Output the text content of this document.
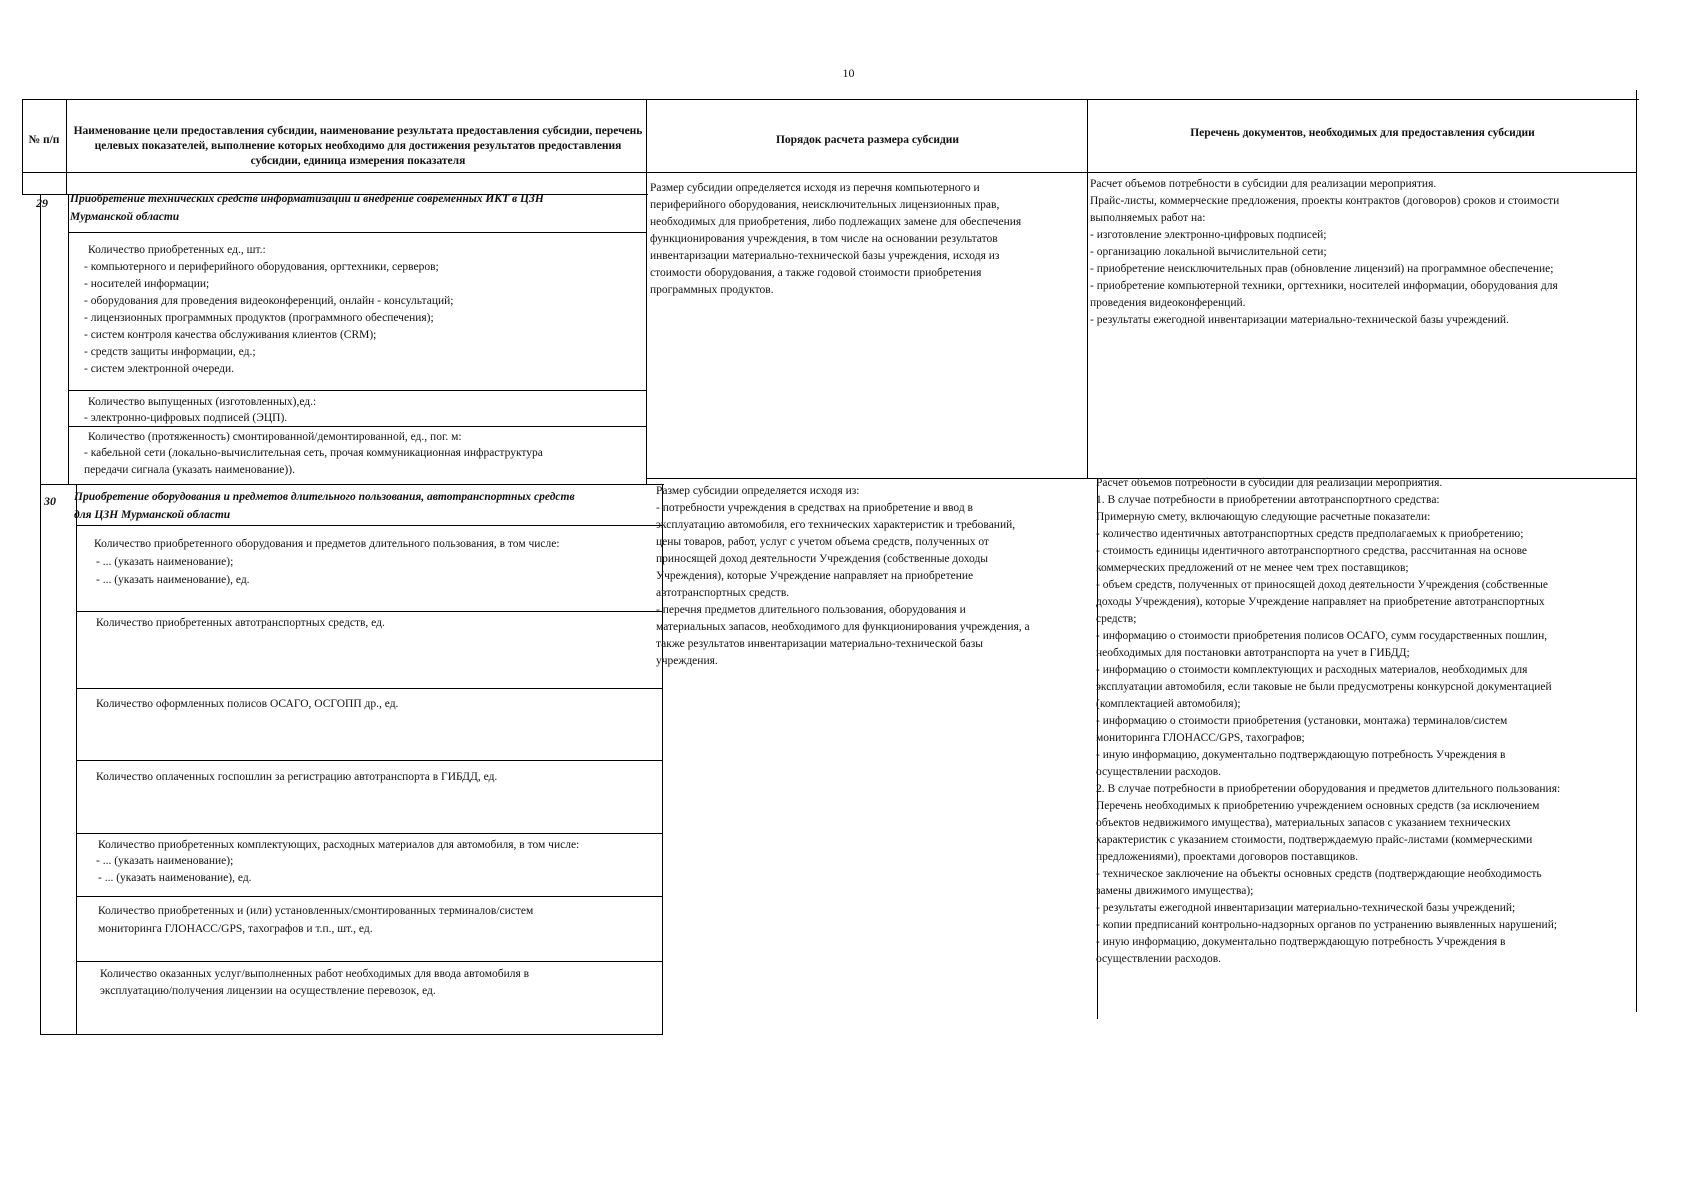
10
№ п/п
Наименование цели предоставления субсидии, наименование результата предоставления субсидии, перечень целевых показателей, выполнение которых необходимо для достижения результатов предоставления субсидии, единица измерения показателя
Порядок расчета размера субсидии
Перечень документов, необходимых для предоставления субсидии
29 Приобретение технических средств информатизации и внедрение современных ИКТ в ЦЗН
Мурманской области
Количество приобретенных ед., шт.:
- компьютерного и периферийного оборудования, оргтехники, серверов;
- носителей информации;
- оборудования для проведения видеоконференций, онлайн - консультаций;
- лицензионных программных продуктов (программного обеспечения);
- систем контроля качества обслуживания клиентов (CRM);
- средств защиты информации, ед.;
- систем электронной очереди.
Количество выпущенных (изготовленных),ед.:
- электронно-цифровых подписей (ЭЦП).
Количество (протяженность) смонтированной/демонтированной, ед., пог. м:
- кабельной сети (локально-вычислительная сеть, прочая коммуникационная инфраструктура
передачи сигнала (указать наименование)).
Размер субсидии определяется исходя из перечня компьютерного и
периферийного оборудования, неисключительных лицензионных прав,
необходимых для приобретения, либо подлежащих замене для обеспечения
функционирования учреждения, в том числе на основании результатов
инвентаризации материально-технической базы учреждения, исходя из
стоимости оборудования, а также годовой стоимости приобретения
программных продуктов.
Расчет объемов потребности в субсидии для реализации мероприятия.
Прайс-листы, коммерческие предложения, проекты контрактов (договоров) сроков и стоимости
выполняемых работ на:
- изготовление электронно-цифровых подписей;
- организацию локальной вычислительной сети;
- приобретение неисключительных прав (обновление лицензий) на программное обеспечение;
- приобретение компьютерной техники, оргтехники, носителей информации, оборудования для
проведения видеоконференций.
- результаты ежегодной инвентаризации материально-технической базы учреждений.
30 Приобретение оборудования и предметов длительного пользования, автотранспортных средств
для ЦЗН Мурманской области
Количество приобретенного оборудования и предметов длительного пользования, в том числе:
- ... (указать наименование);
- ... (указать наименование), ед.
Количество приобретенных автотранспортных средств, ед.
Количество оформленных полисов ОСАГО, ОСГОПП др., ед.
Количество оплаченных госпошлин за регистрацию автотранспорта в ГИБДД, ед.
Количество приобретенных комплектующих, расходных материалов для автомобиля, в том числе:
- ... (указать наименование);
- ... (указать наименование), ед.
Количество приобретенных и (или) установленных/смонтированных терминалов/систем
мониторинга ГЛОНАСС/GPS, тахографов и т.п., шт., ед.
Количество оказанных услуг/выполненных работ необходимых для ввода автомобиля в
эксплуатацию/получения лицензии на осуществление перевозок, ед.
Размер субсидии определяется исходя из:
- потребности учреждения в средствах на приобретение и ввод в
эксплуатацию автомобиля, его технических характеристик и требований,
цены товаров, работ, услуг с учетом объема средств, полученных от
приносящей доход деятельности Учреждения (собственные доходы
Учреждения), которые Учреждение направляет на приобретение
автотранспортных средств.
- перечня предметов длительного пользования, оборудования и
материальных запасов, необходимого для функционирования учреждения, а
также результатов инвентаризации материально-технической базы
учреждения.
Расчет объемов потребности в субсидии для реализации мероприятия.
1. В случае потребности в приобретении автотранспортного средства:
Примерную смету, включающую следующие расчетные показатели:
- количество идентичных автотранспортных средств предполагаемых к приобретению;
- стоимость единицы идентичного автотранспортного средства, рассчитанная на основе
коммерческих предложений от не менее чем трех поставщиков;
- объем средств, полученных от приносящей доход деятельности Учреждения (собственные
доходы Учреждения), которые Учреждение направляет на приобретение автотранспортных
средств;
- информацию о стоимости приобретения полисов ОСАГО, сумм государственных пошлин,
необходимых для постановки автотранспорта на учет в ГИБДД;
- информацию о стоимости комплектующих и расходных материалов, необходимых для
эксплуатации автомобиля, если таковые не были предусмотрены конкурсной документацией
(комплектацией автомобиля);
- информацию о стоимости приобретения (установки, монтажа) терминалов/систем
мониторинга ГЛОНАСС/GPS, тахографов;
- иную информацию, документально подтверждающую потребность Учреждения в
осуществлении расходов.
2. В случае потребности в приобретении оборудования и предметов длительного пользования:
Перечень необходимых к приобретению учреждением основных средств (за исключением
объектов недвижимого имущества), материальных запасов с указанием технических
характеристик с указанием стоимости, подтверждаемую прайс-листами (коммерческими
предложениями), проектами договоров поставщиков.
- техническое заключение на объекты основных средств (подтверждающие необходимость
замены движимого имущества);
- результаты ежегодной инвентаризации материально-технической базы учреждений;
- копии предписаний контрольно-надзорных органов по устранению выявленных нарушений;
- иную информацию, документально подтверждающую потребность Учреждения в
осуществлении расходов.
